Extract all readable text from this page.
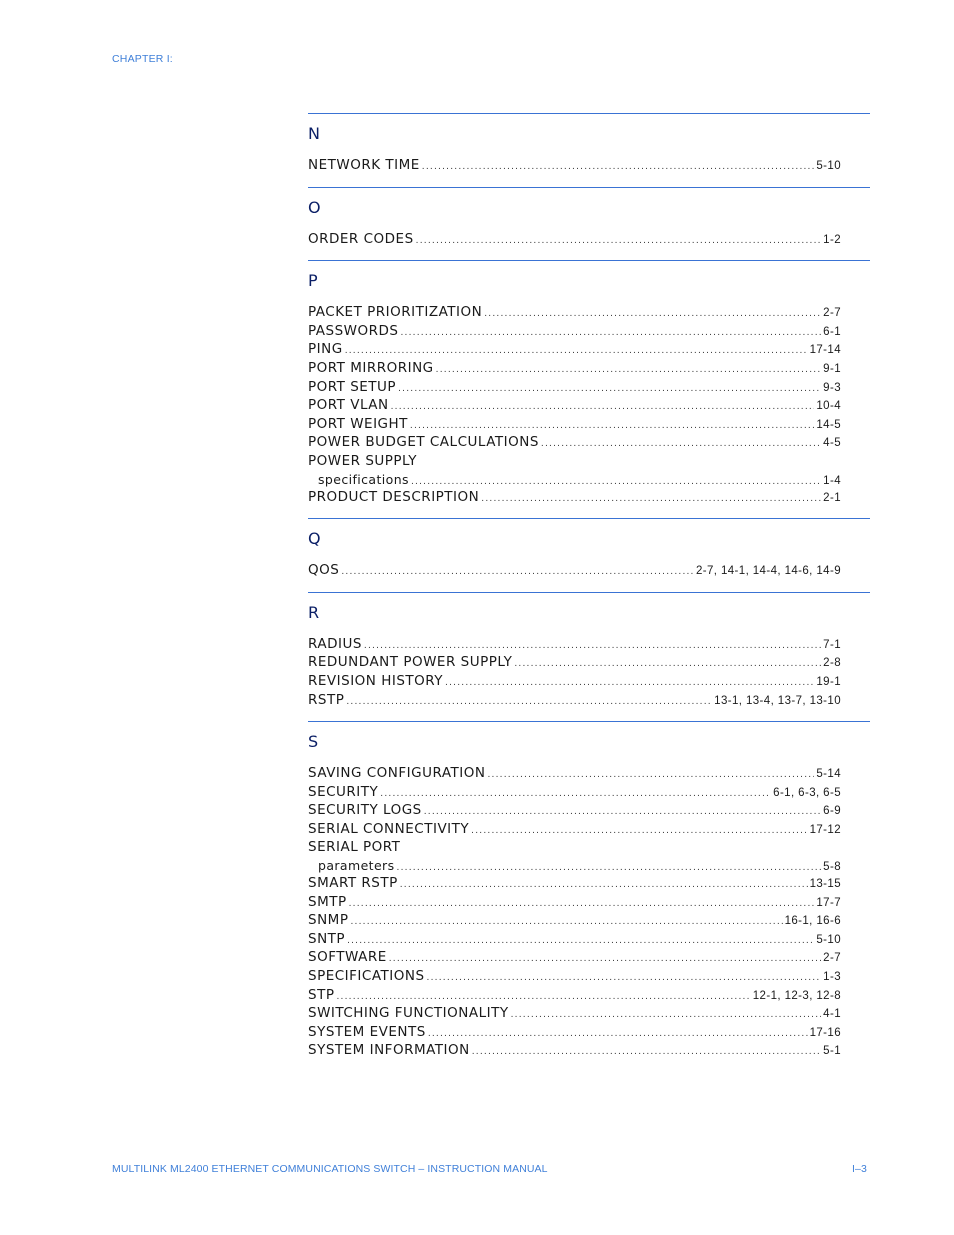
CHAPTER I:
N
NETWORK TIME .....	5-10
O
ORDER CODES .....	1-2
P
PACKET PRIORITIZATION .....	2-7
PASSWORDS .....	6-1
PING .....	17-14
PORT MIRRORING .....	9-1
PORT SETUP .....	9-3
PORT VLAN .....	10-4
PORT WEIGHT .....	14-5
POWER BUDGET CALCULATIONS .....	4-5
POWER SUPPLY
specifications .....	1-4
PRODUCT DESCRIPTION .....	2-1
Q
QOS .....	2-7, 14-1, 14-4, 14-6, 14-9
R
RADIUS .....	7-1
REDUNDANT POWER SUPPLY .....	2-8
REVISION HISTORY .....	19-1
RSTP .....	13-1, 13-4, 13-7, 13-10
S
SAVING CONFIGURATION .....	5-14
SECURITY .....	6-1, 6-3, 6-5
SECURITY LOGS .....	6-9
SERIAL CONNECTIVITY .....	17-12
SERIAL PORT
parameters .....	5-8
SMART RSTP .....	13-15
SMTP .....	17-7
SNMP .....	16-1, 16-6
SNTP .....	5-10
SOFTWARE .....	2-7
SPECIFICATIONS .....	1-3
STP .....	12-1, 12-3, 12-8
SWITCHING FUNCTIONALITY .....	4-1
SYSTEM EVENTS .....	17-16
SYSTEM INFORMATION .....	5-1
MULTILINK ML2400 ETHERNET COMMUNICATIONS SWITCH – INSTRUCTION MANUAL	I–3
